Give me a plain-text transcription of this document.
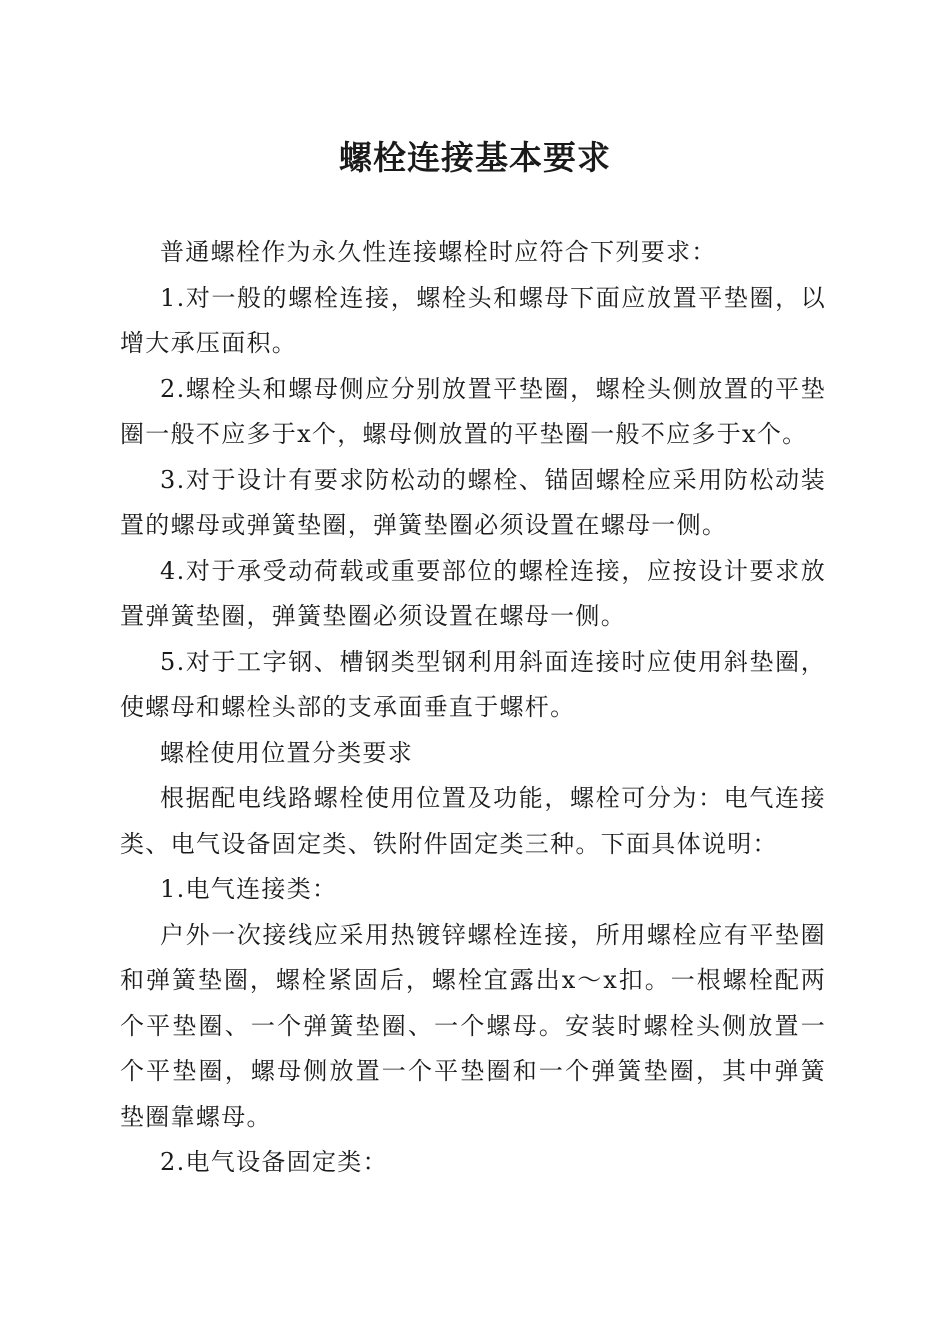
螺栓连接基本要求

普通螺栓作为永久性连接螺栓时应符合下列要求：

1.对一般的螺栓连接，螺栓头和螺母下面应放置平垫圈，以增大承压面积。

2.螺栓头和螺母侧应分别放置平垫圈，螺栓头侧放置的平垫圈一般不应多于x个，螺母侧放置的平垫圈一般不应多于x个。

3.对于设计有要求防松动的螺栓、锚固螺栓应采用防松动装置的螺母或弹簧垫圈，弹簧垫圈必须设置在螺母一侧。

4.对于承受动荷载或重要部位的螺栓连接，应按设计要求放置弹簧垫圈，弹簧垫圈必须设置在螺母一侧。

5.对于工字钢、槽钢类型钢利用斜面连接时应使用斜垫圈，使螺母和螺栓头部的支承面垂直于螺杆。

螺栓使用位置分类要求

根据配电线路螺栓使用位置及功能，螺栓可分为：电气连接类、电气设备固定类、铁附件固定类三种。下面具体说明：

1.电气连接类：

户外一次接线应采用热镀锌螺栓连接，所用螺栓应有平垫圈和弹簧垫圈，螺栓紧固后，螺栓宜露出x～x扣。一根螺栓配两个平垫圈、一个弹簧垫圈、一个螺母。安装时螺栓头侧放置一个平垫圈，螺母侧放置一个平垫圈和一个弹簧垫圈，其中弹簧垫圈靠螺母。

2.电气设备固定类：
